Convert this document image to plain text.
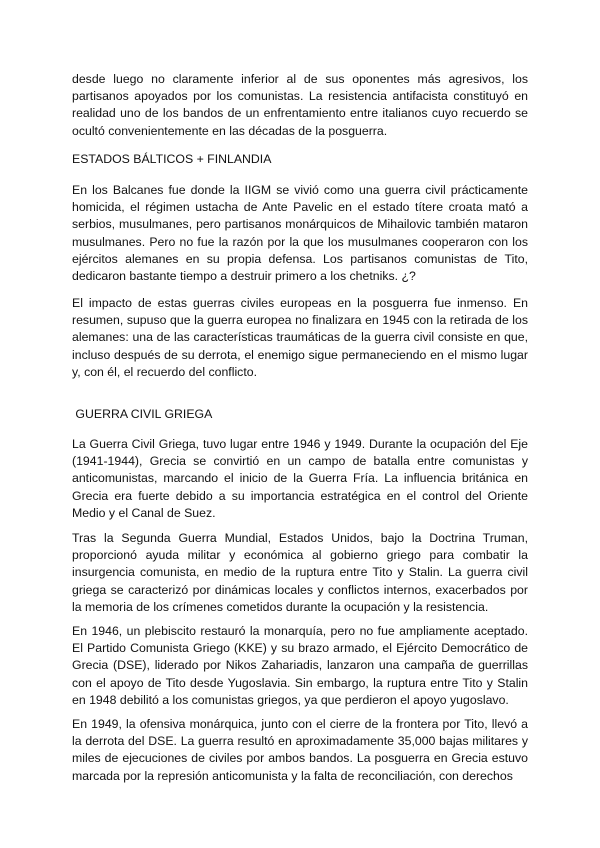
desde luego no claramente inferior al de sus oponentes más agresivos, los partisanos apoyados por los comunistas. La resistencia antifacista constituyó en realidad uno de los bandos de un enfrentamiento entre italianos cuyo recuerdo se ocultó convenientemente en las décadas de la posguerra.

ESTADOS BÁLTICOS + FINLANDIA

En los Balcanes fue donde la IIGM se vivió como una guerra civil prácticamente homicida, el régimen ustacha de Ante Pavelic en el estado títere croata mató a serbios, musulmanes, pero partisanos monárquicos de Mihailovic también mataron musulmanes. Pero no fue la razón por la que los musulmanes cooperaron con los ejércitos alemanes en su propia defensa. Los partisanos comunistas de Tito, dedicaron bastante tiempo a destruir primero a los chetniks. ¿?

El impacto de estas guerras civiles europeas en la posguerra fue inmenso. En resumen, supuso que la guerra europea no finalizara en 1945 con la retirada de los alemanes: una de las características traumáticas de la guerra civil consiste en que, incluso después de su derrota, el enemigo sigue permaneciendo en el mismo lugar y, con él, el recuerdo del conflicto.

GUERRA CIVIL GRIEGA

La Guerra Civil Griega, tuvo lugar entre 1946 y 1949. Durante la ocupación del Eje (1941-1944), Grecia se convirtió en un campo de batalla entre comunistas y anticomunistas, marcando el inicio de la Guerra Fría. La influencia británica en Grecia era fuerte debido a su importancia estratégica en el control del Oriente Medio y el Canal de Suez.

Tras la Segunda Guerra Mundial, Estados Unidos, bajo la Doctrina Truman, proporcionó ayuda militar y económica al gobierno griego para combatir la insurgencia comunista, en medio de la ruptura entre Tito y Stalin. La guerra civil griega se caracterizó por dinámicas locales y conflictos internos, exacerbados por la memoria de los crímenes cometidos durante la ocupación y la resistencia.

En 1946, un plebiscito restauró la monarquía, pero no fue ampliamente aceptado. El Partido Comunista Griego (KKE) y su brazo armado, el Ejército Democrático de Grecia (DSE), liderado por Nikos Zahariadis, lanzaron una campaña de guerrillas con el apoyo de Tito desde Yugoslavia. Sin embargo, la ruptura entre Tito y Stalin en 1948 debilitó a los comunistas griegos, ya que perdieron el apoyo yugoslavo.

En 1949, la ofensiva monárquica, junto con el cierre de la frontera por Tito, llevó a la derrota del DSE. La guerra resultó en aproximadamente 35,000 bajas militares y miles de ejecuciones de civiles por ambos bandos. La posguerra en Grecia estuvo marcada por la represión anticomunista y la falta de reconciliación, con derechos
